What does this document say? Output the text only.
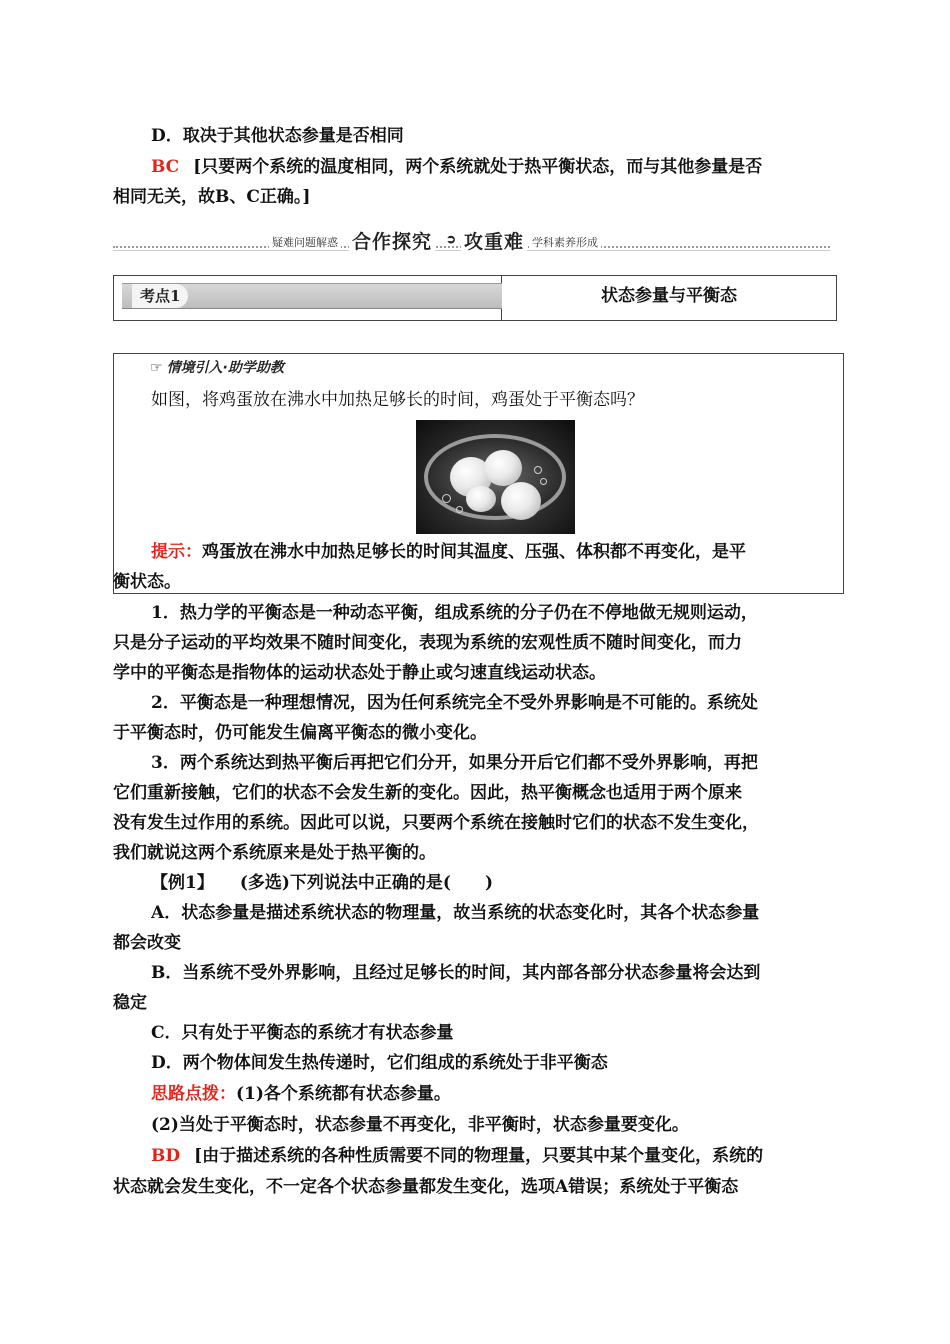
D．取决于其他状态参量是否相同
BC [只要两个系统的温度相同，两个系统就处于热平衡状态，而与其他参量是否
相同无关，故B、C正确。]
疑难问题解惑 合作探究 ➲ 攻重难 学科素养形成
考点1	状态参量与平衡态
☞ 情境引入·助学助教
如图，将鸡蛋放在沸水中加热足够长的时间，鸡蛋处于平衡态吗？
提示：鸡蛋放在沸水中加热足够长的时间其温度、压强、体积都不再变化，是平
衡状态。
1．热力学的平衡态是一种动态平衡，组成系统的分子仍在不停地做无规则运动，
只是分子运动的平均效果不随时间变化，表现为系统的宏观性质不随时间变化，而力
学中的平衡态是指物体的运动状态处于静止或匀速直线运动状态。
2．平衡态是一种理想情况，因为任何系统完全不受外界影响是不可能的。系统处
于平衡态时，仍可能发生偏离平衡态的微小变化。
3．两个系统达到热平衡后再把它们分开，如果分开后它们都不受外界影响，再把
它们重新接触，它们的状态不会发生新的变化。因此，热平衡概念也适用于两个原来
没有发生过作用的系统。因此可以说，只要两个系统在接触时它们的状态不发生变化，
我们就说这两个系统原来是处于热平衡的。
【例1】 (多选)下列说法中正确的是(　　)
A．状态参量是描述系统状态的物理量，故当系统的状态变化时，其各个状态参量
都会改变
B．当系统不受外界影响，且经过足够长的时间，其内部各部分状态参量将会达到
稳定
C．只有处于平衡态的系统才有状态参量
D．两个物体间发生热传递时，它们组成的系统处于非平衡态
思路点拨：(1)各个系统都有状态参量。
(2)当处于平衡态时，状态参量不再变化，非平衡时，状态参量要变化。
BD [由于描述系统的各种性质需要不同的物理量，只要其中某个量变化，系统的
状态就会发生变化，不一定各个状态参量都发生变化，选项A错误；系统处于平衡态
